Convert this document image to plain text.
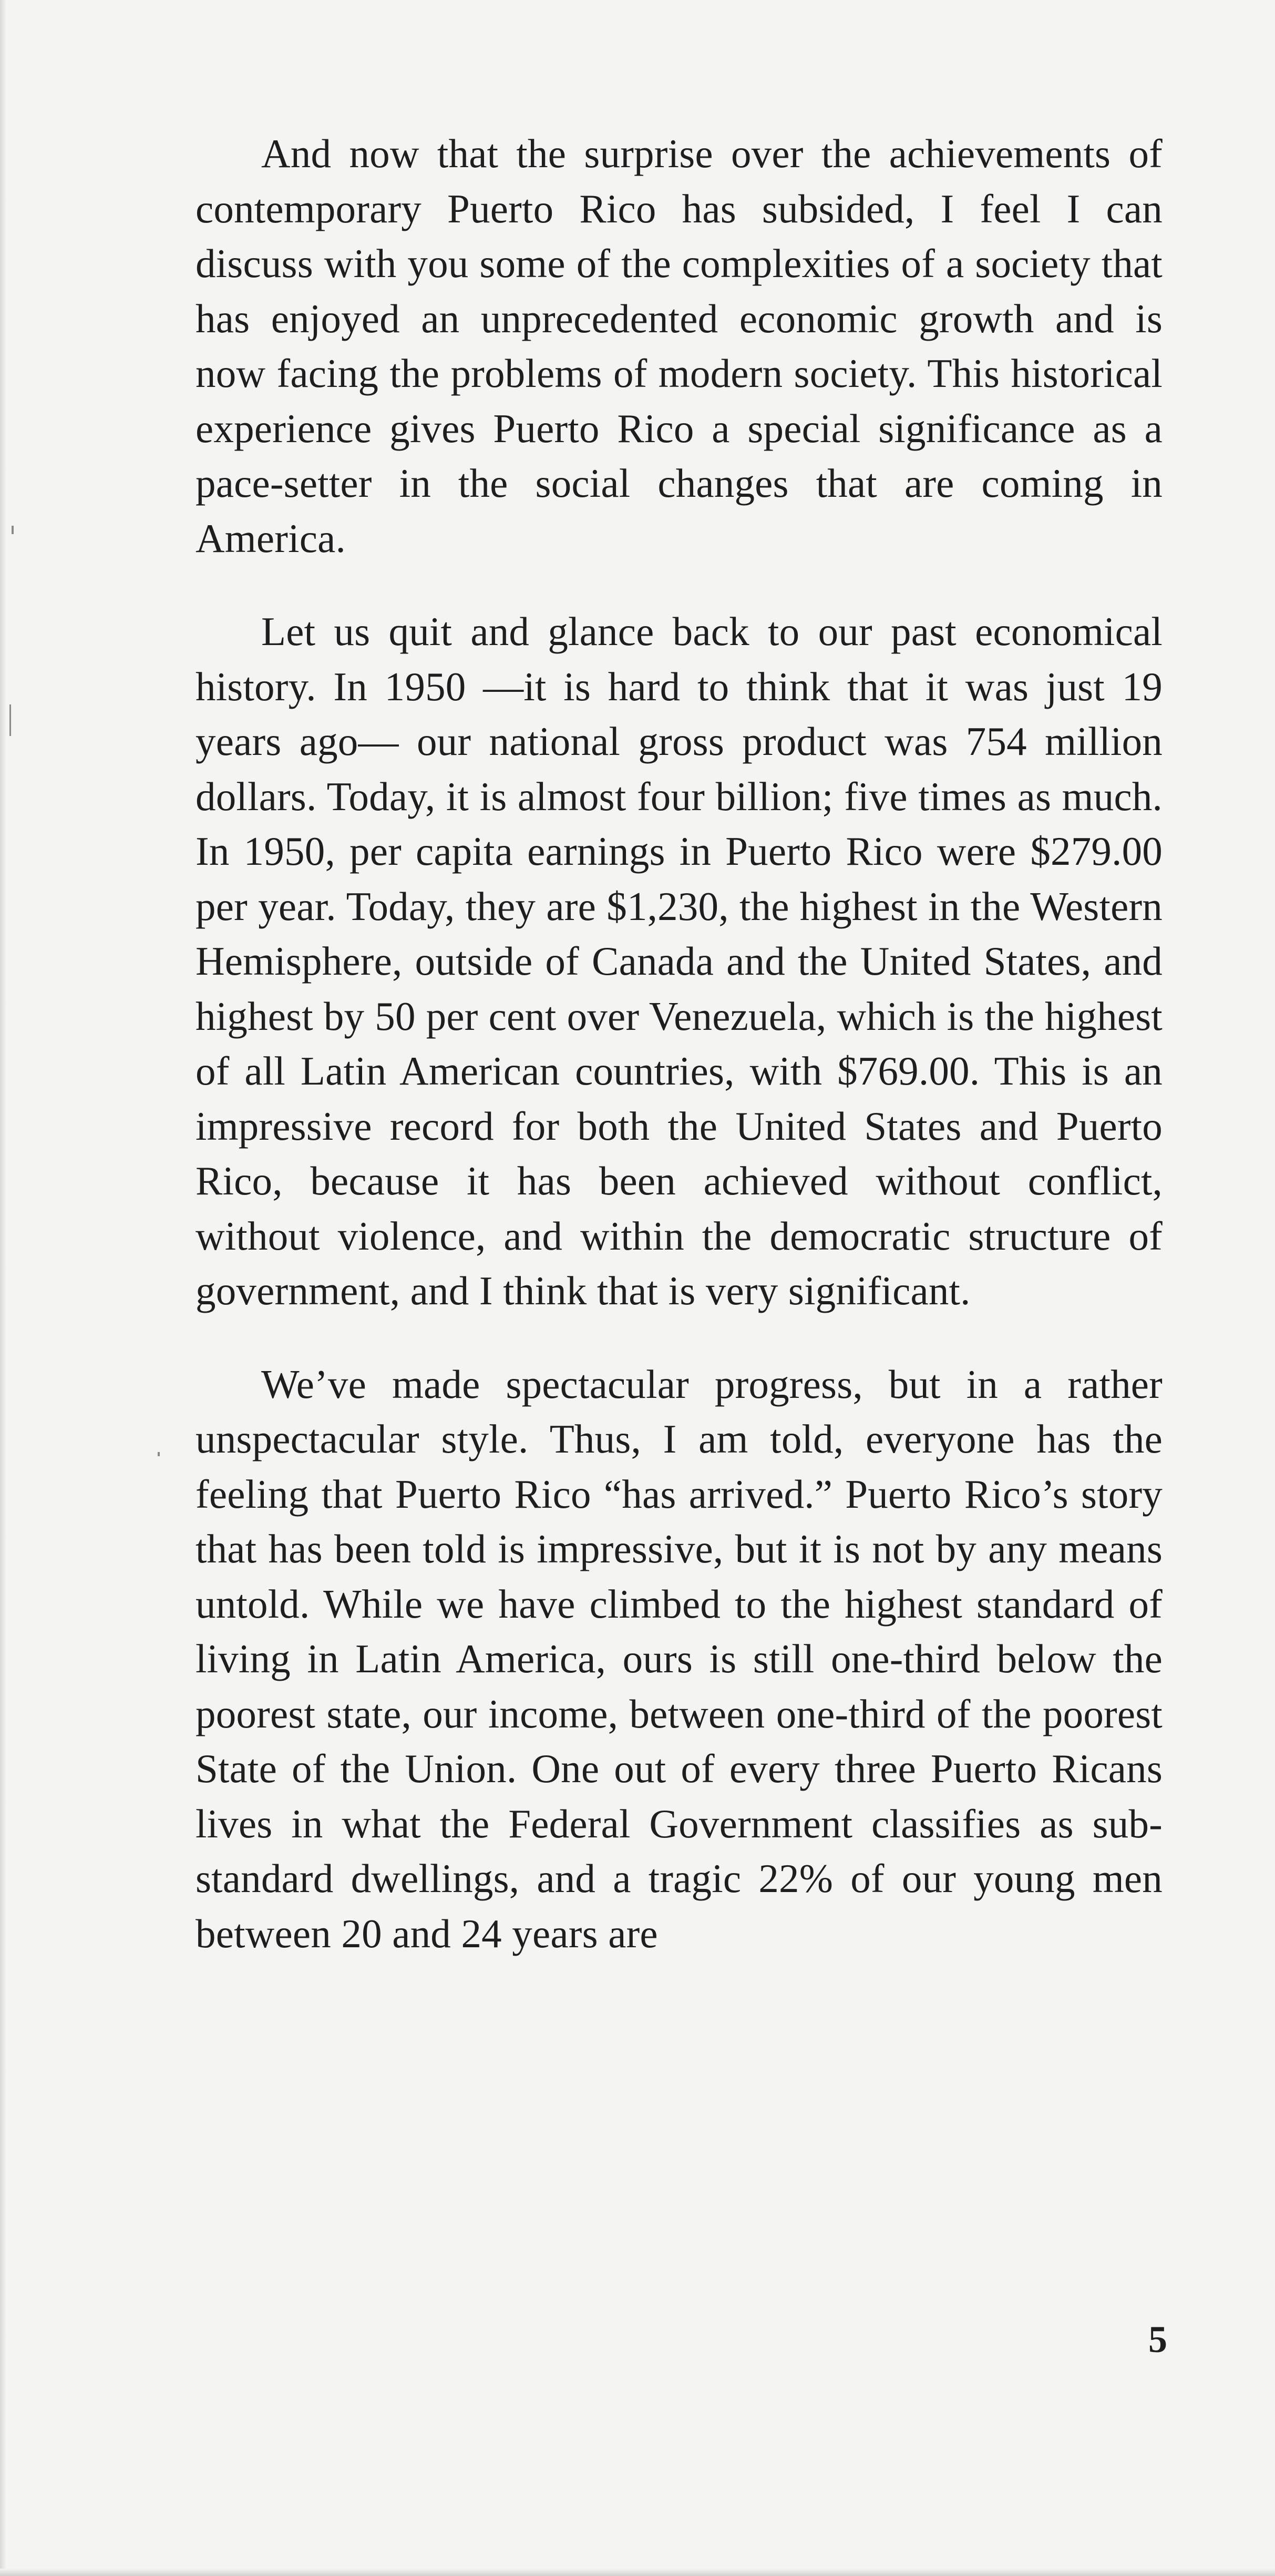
And now that the surprise over the achievements of contemporary Puerto Rico has subsided, I feel I can discuss with you some of the complexities of a society that has enjoyed an unprecedented economic growth and is now facing the problems of modern society. This historical experience gives Puerto Rico a special significance as a pace-setter in the social changes that are coming in America.

Let us quit and glance back to our past economical history. In 1950 —it is hard to think that it was just 19 years ago— our national gross product was 754 million dollars. Today, it is almost four billion; five times as much. In 1950, per capita earnings in Puerto Rico were $279.00 per year. Today, they are $1,230, the highest in the Western Hemisphere, outside of Canada and the United States, and highest by 50 per cent over Venezuela, which is the highest of all Latin American countries, with $769.00. This is an impressive record for both the United States and Puerto Rico, because it has been achieved without conflict, without violence, and within the democratic structure of government, and I think that is very significant.

We’ve made spectacular progress, but in a rather unspectacular style. Thus, I am told, everyone has the feeling that Puerto Rico “has arrived.” Puerto Rico’s story that has been told is impressive, but it is not by any means untold. While we have climbed to the highest standard of living in Latin America, ours is still one-third below the poorest state, our income, between one-third of the poorest State of the Union. One out of every three Puerto Ricans lives in what the Federal Government classifies as sub-standard dwellings, and a tragic 22% of our young men between 20 and 24 years are

5
